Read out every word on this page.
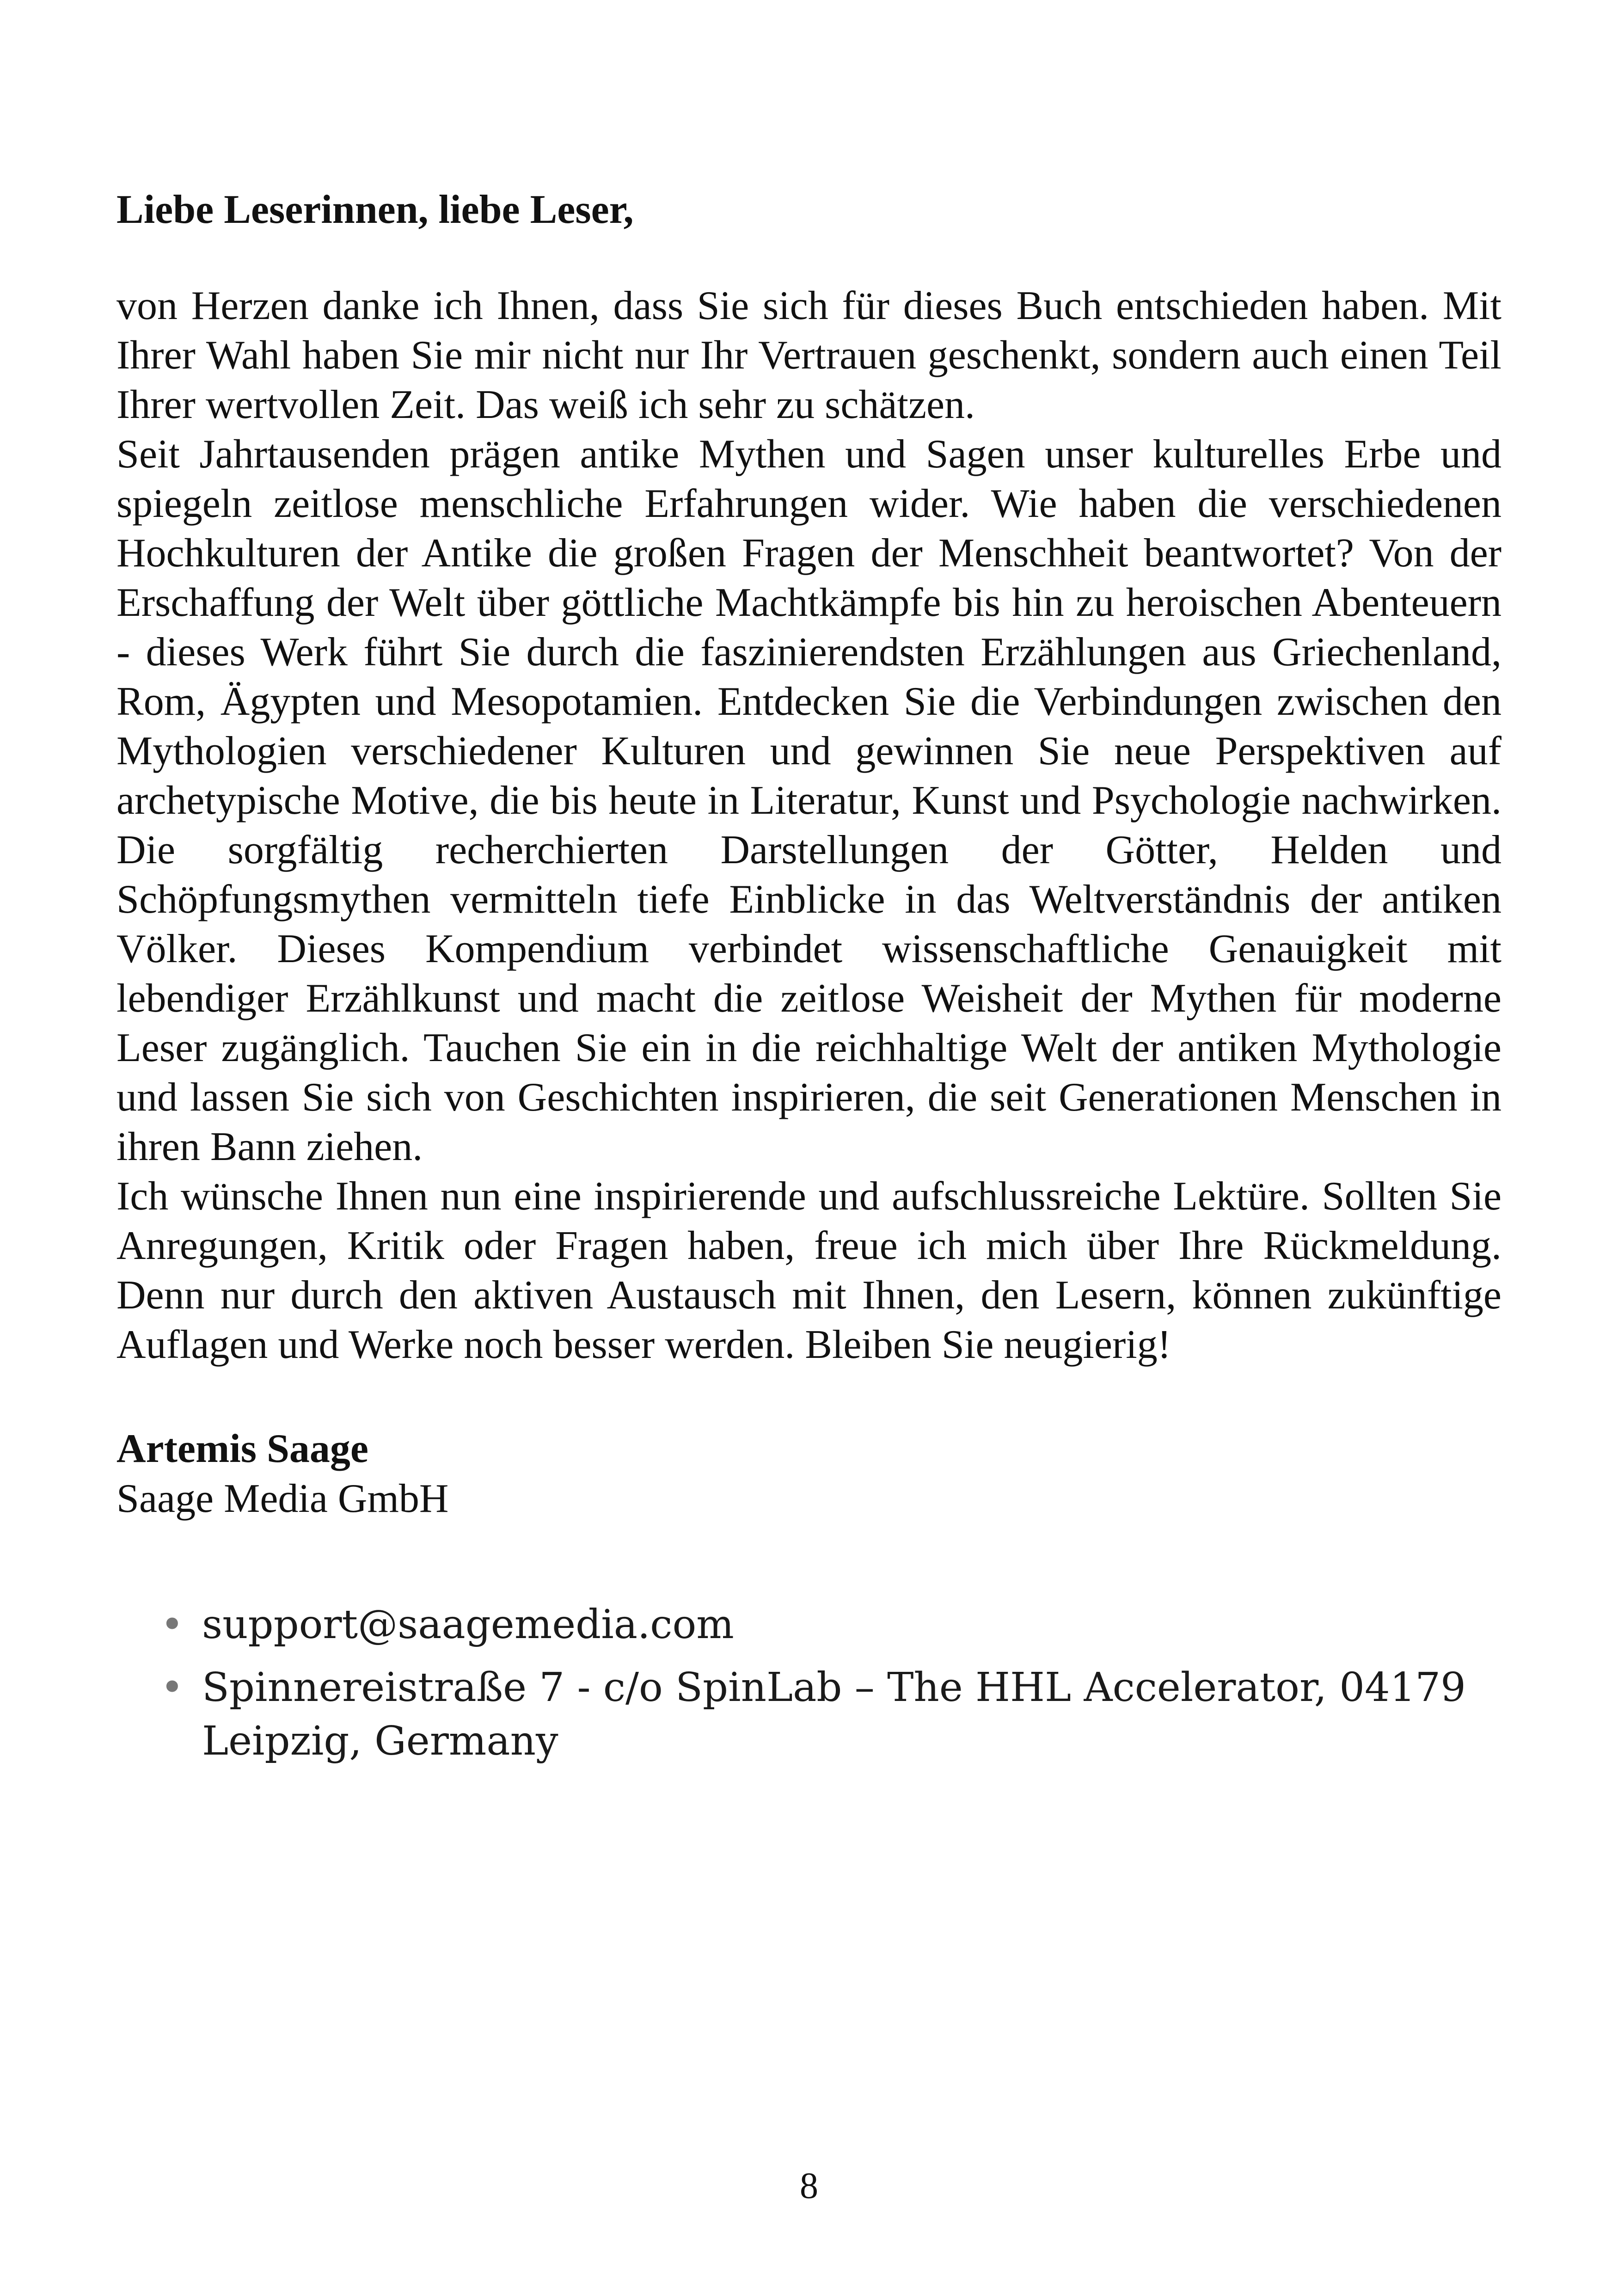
Liebe Leserinnen, liebe Leser,

von Herzen danke ich Ihnen, dass Sie sich für dieses Buch entschieden haben. Mit Ihrer Wahl haben Sie mir nicht nur Ihr Vertrauen geschenkt, sondern auch einen Teil Ihrer wertvollen Zeit. Das weiß ich sehr zu schätzen.

Seit Jahrtausenden prägen antike Mythen und Sagen unser kulturelles Erbe und spiegeln zeitlose menschliche Erfahrungen wider. Wie haben die verschiedenen Hochkulturen der Antike die großen Fragen der Menschheit beantwortet? Von der Erschaffung der Welt über göttliche Machtkämpfe bis hin zu heroischen Abenteuern - dieses Werk führt Sie durch die faszinierendsten Erzählungen aus Griechenland, Rom, Ägypten und Mesopotamien. Entdecken Sie die Verbindungen zwischen den Mythologien verschiedener Kulturen und gewinnen Sie neue Perspektiven auf archetypische Motive, die bis heute in Literatur, Kunst und Psychologie nachwirken. Die sorgfältig recherchierten Darstellungen der Götter, Helden und Schöpfungsmythen vermitteln tiefe Einblicke in das Weltverständnis der antiken Völker. Dieses Kompendium verbindet wissenschaftliche Genauigkeit mit lebendiger Erzählkunst und macht die zeitlose Weisheit der Mythen für moderne Leser zugänglich. Tauchen Sie ein in die reichhaltige Welt der antiken Mythologie und lassen Sie sich von Geschichten inspirieren, die seit Generationen Menschen in ihren Bann ziehen.

Ich wünsche Ihnen nun eine inspirierende und aufschlussreiche Lektüre. Sollten Sie Anregungen, Kritik oder Fragen haben, freue ich mich über Ihre Rückmeldung. Denn nur durch den aktiven Austausch mit Ihnen, den Lesern, können zukünftige Auflagen und Werke noch besser werden. Bleiben Sie neugierig!

Artemis Saage
Saage Media GmbH
• support@saagemedia.com
• Spinnereistraße 7 - c/o SpinLab – The HHL Accelerator, 04179 Leipzig, Germany
8
